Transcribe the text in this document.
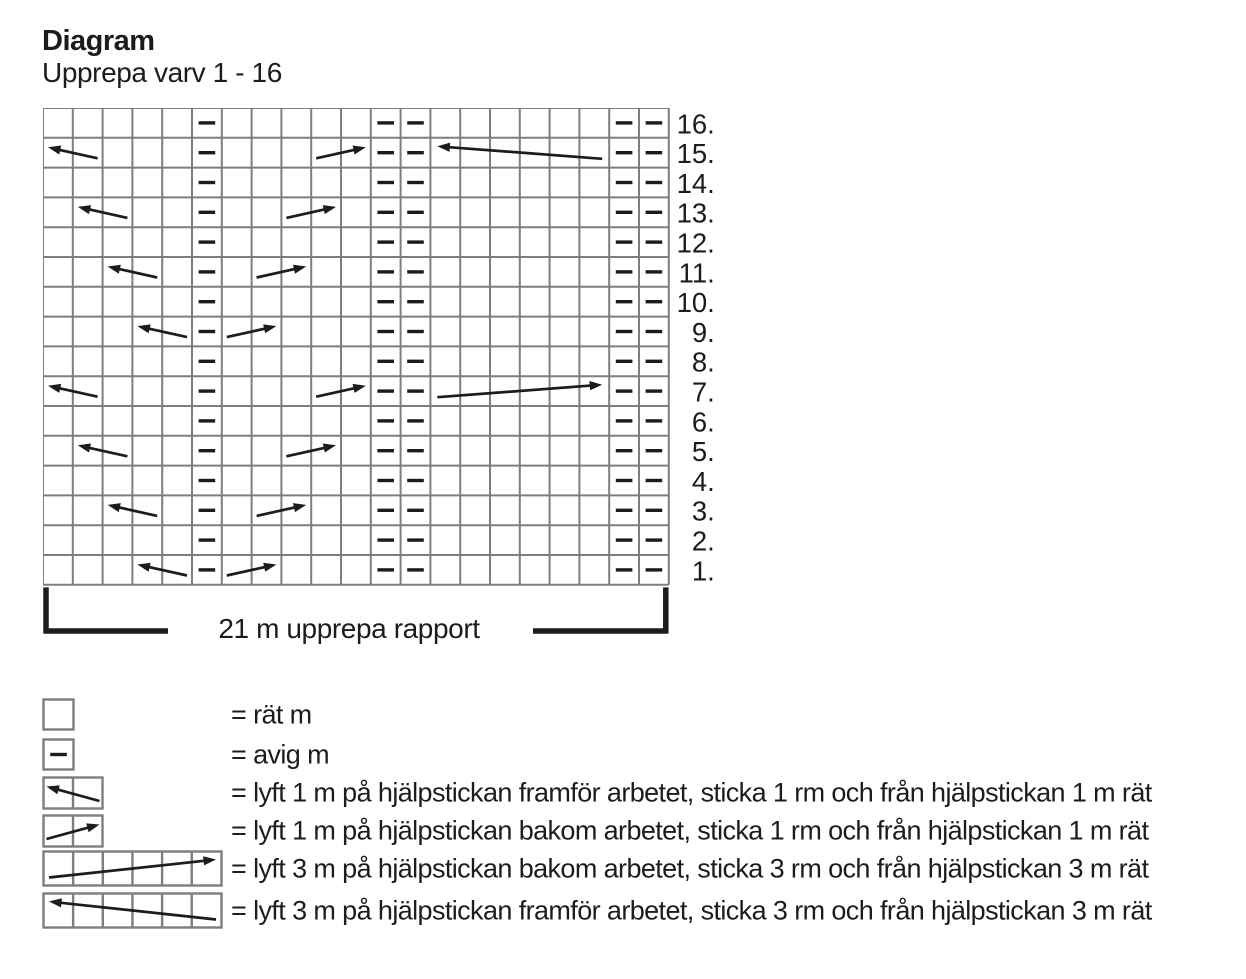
Diagram
Upprepa varv 1 - 16
16.
15.
14.
13.
12.
11.
10.
9.
8.
7.
6.
5.
4.
3.
2.
1.
21 m upprepa rapport
= rät m
= avig m
= lyft 1 m på hjälpstickan framför arbetet, sticka 1 rm och från hjälpstickan 1 m rät
= lyft 1 m på hjälpstickan bakom arbetet, sticka 1 rm och från hjälpstickan 1 m rät
= lyft 3 m på hjälpstickan bakom arbetet, sticka 3 rm och från hjälpstickan 3 m rät
= lyft 3 m på hjälpstickan framför arbetet, sticka 3 rm och från hjälpstickan 3 m rät
